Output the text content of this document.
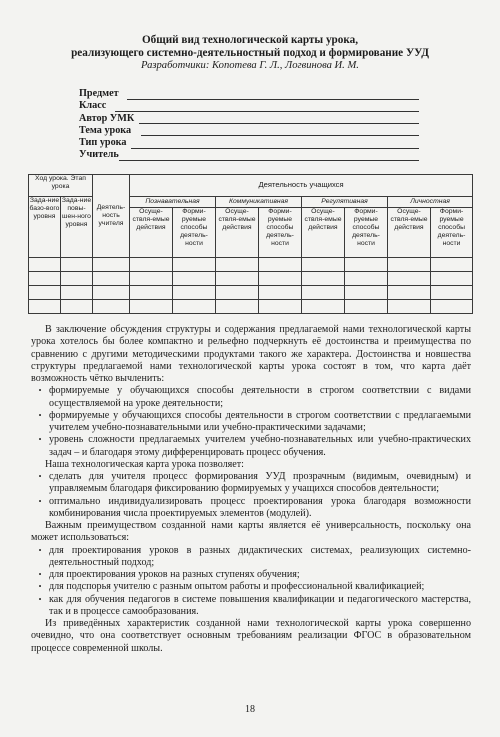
Общий вид технологической карты урока,
реализующего системно-деятельностный подход и формирование УУД
Разработчики: Копотева Г. Л., Логвинова И. М.
Предмет
Класс
Автор УМК
Тема урока
Тип урока
Учитель
Ход урока. Этап урока		Деятель-ность учителя	Деятельность учащихся							
Зада-ние базо-вого уровня	Зада-ние повы-шен-ного уровня		Познавательная		Коммуникативная		Регулятивная		Личностная	
			Осуще-ствля-емые действия	Форми-руемые способы деятель-ности	Осуще-ствля-емые действия	Форми-руемые способы деятель-ности	Осуще-ствля-емые действия	Форми-руемые способы деятель-ности	Осуще-ствля-емые действия	Форми-руемые способы деятель-ности

В заключение обсуждения структуры и содержания предлагаемой нами технологической карты урока хотелось бы более компактно и рельефно подчеркнуть её достоинства и преимущества по сравнению с другими методическими продуктами такого же характера. Достоинства и новшества структуры предлагаемой нами технологической карты урока состоят в том, что карта даёт возможность чётко вычленить:

• формируемые у обучающихся способы деятельности в строгом соответствии с видами осуществляемой на уроке деятельности;
• формируемые у обучающихся способы деятельности в строгом соответствии с предлагаемыми учителем учебно-познавательными или учебно-практическими задачами;
• уровень сложности предлагаемых учителем учебно-познавательных или учебно-практических задач – и благодаря этому дифференцировать процесс обучения.

Наша технологическая карта урока позволяет:

• сделать для учителя процесс формирования УУД прозрачным (видимым, очевидным) и управляемым благодаря фиксированию формируемых у учащихся способов деятельности;
• оптимально индивидуализировать процесс проектирования урока благодаря возможности комбинирования числа проектируемых элементов (модулей).

Важным преимуществом созданной нами карты является её универсальность, поскольку она может использоваться:

• для проектирования уроков в разных дидактических системах, реализующих системно-деятельностный подход;
• для проектирования уроков на разных ступенях обучения;
• для подспорья учителю с разным опытом работы и профессиональной квалификацией;
• как для обучения педагогов в системе повышения квалификации и педагогического мастерства, так и в процессе самообразования.

Из приведённых характеристик созданной нами технологической карты урока совершенно очевидно, что она соответствует основным требованиям реализации ФГОС в образовательном процессе современной школы.

18
